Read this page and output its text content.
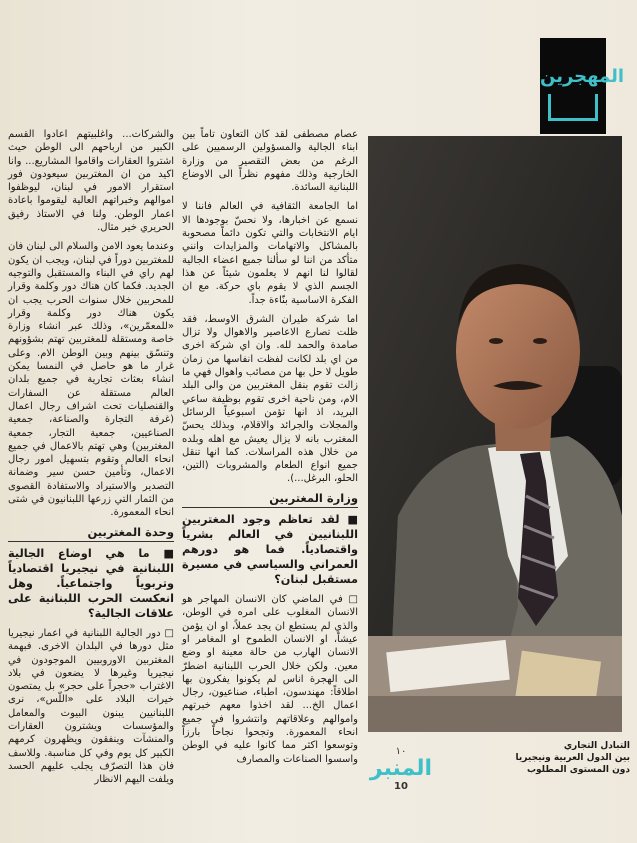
المهجرين
التبادل التجاري
بين الدول العربية ونيجيريا
دون المستوى المطلوب
١٠
المنبر
10

عصام مصطفى لقد كان التعاون تاماً بين ابناء الجالية والمسؤولين الرسميين على الرغم من بعض التقصير من وزارة الخارجية وذلك مفهوم نظراً الى الاوضاع اللبنانية السائدة.

اما الجامعة الثقافية في العالم فاننا لا نسمع عن اخبارها، ولا نحسّ بوجودها الا ايام الانتخابات والتي تكون دائماً مصحوبة بالمشاكل والاتهامات والمزايدات وانني متأكد من اننا لو سألنا جميع اعضاء الجالية لقالوا لنا انهم لا يعلمون شيئاً عن هذا الجسم الذي لا يقوم باي حركة. مع ان الفكرة الاساسية بنّاءة جداً.

اما شركة طيران الشرق الاوسط، فقد ظلت تصارع الاعاصير والاهوال ولا تزال صامدة والحمد لله. وان اي شركة اخرى من اي بلد لكانت لفظت انفاسها من زمان طويل لا حل بها من مصائب واهوال فهي ما زالت تقوم بنقل المغتربين من والى البلد الام، ومن ناحية اخرى تقوم بوظيفة ساعي البريد، اذ انها تؤمن اسبوعياً الرسائل والمجلات والجرائد والاقلام، وبذلك يحسّ المغترب بانه لا يزال يعيش مع اهله وبلده من خلال هذه المراسلات. كما انها تنقل جميع انواع الطعام والمشروبات (التين، الحلو، البرغل...).

وزارة المغتربين
■ لقد تعاظم وجود المغتربين اللبنانيين في العالم بشرياً واقتصادياً. فما هو دورهم العمراني والسياسي في مسيرة مستقبل لبنان؟

□ في الماضي كان الانسان المهاجر هو الانسان المغلوب على امره في الوطن، والذي لم يستطع ان يجد عملاً، او ان يؤمن عيشاً، او الانسان الطموح او المغامر او الانسان الهارب من حالة معينة او وضع معين. ولكن خلال الحرب اللبنانية اضطرّ الى الهجرة اناس لم يكونوا يفكرون بها اطلاقاً: مهندسون، اطباء، صناعيون، رجال اعمال الخ... لقد اخذوا معهم خبرتهم واموالهم وعلاقاتهم وانتشروا في جميع انحاء المعمورة. وتجحوا نجاحاً بارزاً وتوسعوا اكثر مما كانوا عليه في الوطن واسسوا الصناعات والمصارف

والشركات... واغلبيتهم اعادوا القسم الكبير من ارباحهم الى الوطن حيث اشتروا العقارات واقاموا المشاريع... وانا اكيد من ان المغتربين سيعودون فور استقرار الامور في لبنان، ليوظفوا اموالهم وخبراتهم العالية ليقوموا باعادة اعمار الوطن. ولنا في الاستاذ رفيق الحريري خير مثال.

وعندما يعود الامن والسلام الى لبنان فان للمغتربين دوراً في لبنان، ويجب ان يكون لهم راي في البناء والمستقبل والتوجيه الجديد. فكما كان هناك دور وكلمة وقرار للمحربين خلال سنوات الحرب يجب ان يكون هناك دور وكلمة وقرار «للمعمّرين»، وذلك عبر انشاء وزارة خاصة ومستقلة للمغتربين تهتم بشؤونهم وتنسّق بينهم وبين الوطن الام. وعلى غرار ما هو حاصل في النمسا يمكن انشاء بعثات تجارية في جميع بلدان العالم مستقلة عن السفارات والقنصليات تحت اشراف رجال اعمال (غرفة التجارة والصناعة، جمعية الصناعيين، جمعية التجار، جمعية المغتربين) وهي تهتم بالاعمال في جميع انحاء العالم وتقوم بتسهيل امور رجال الاعمال، وتأمين حسن سير وضمانة التصدير والاستيراد والاستفادة القصوى من الثمار التي زرعها اللبنانيون في شتى انحاء المعمورة.

وحدة المغتربين
■ ما هي اوضاع الجالية اللبنانية في نيجيريا اقتصادياً وتربوياً واجتماعياً. وهل انعكست الحرب اللبنانية على علاقات الجالية؟

□ دور الجالية اللبنانية في اعمار نيجيريا مثل دورها في البلدان الاخرى. فبهمة المغتربين الاوروبيين الموجودون في نيجيريا وغيرها لا يضعون في بلاد الاغتراب «حجراً على حجر» بل يمتصون خيرات البلاد على «اللّس»، نرى اللبنانيين يبنون البيوت والمعامل والمؤسسات ويشترون العقارات والمنشآت وينفقون ويظهرون كرمهم الكبير كل يوم وفي كل مناسبة. وللاسف فان هذا التصرّف يجلب عليهم الحسد ويلفت اليهم الانظار
